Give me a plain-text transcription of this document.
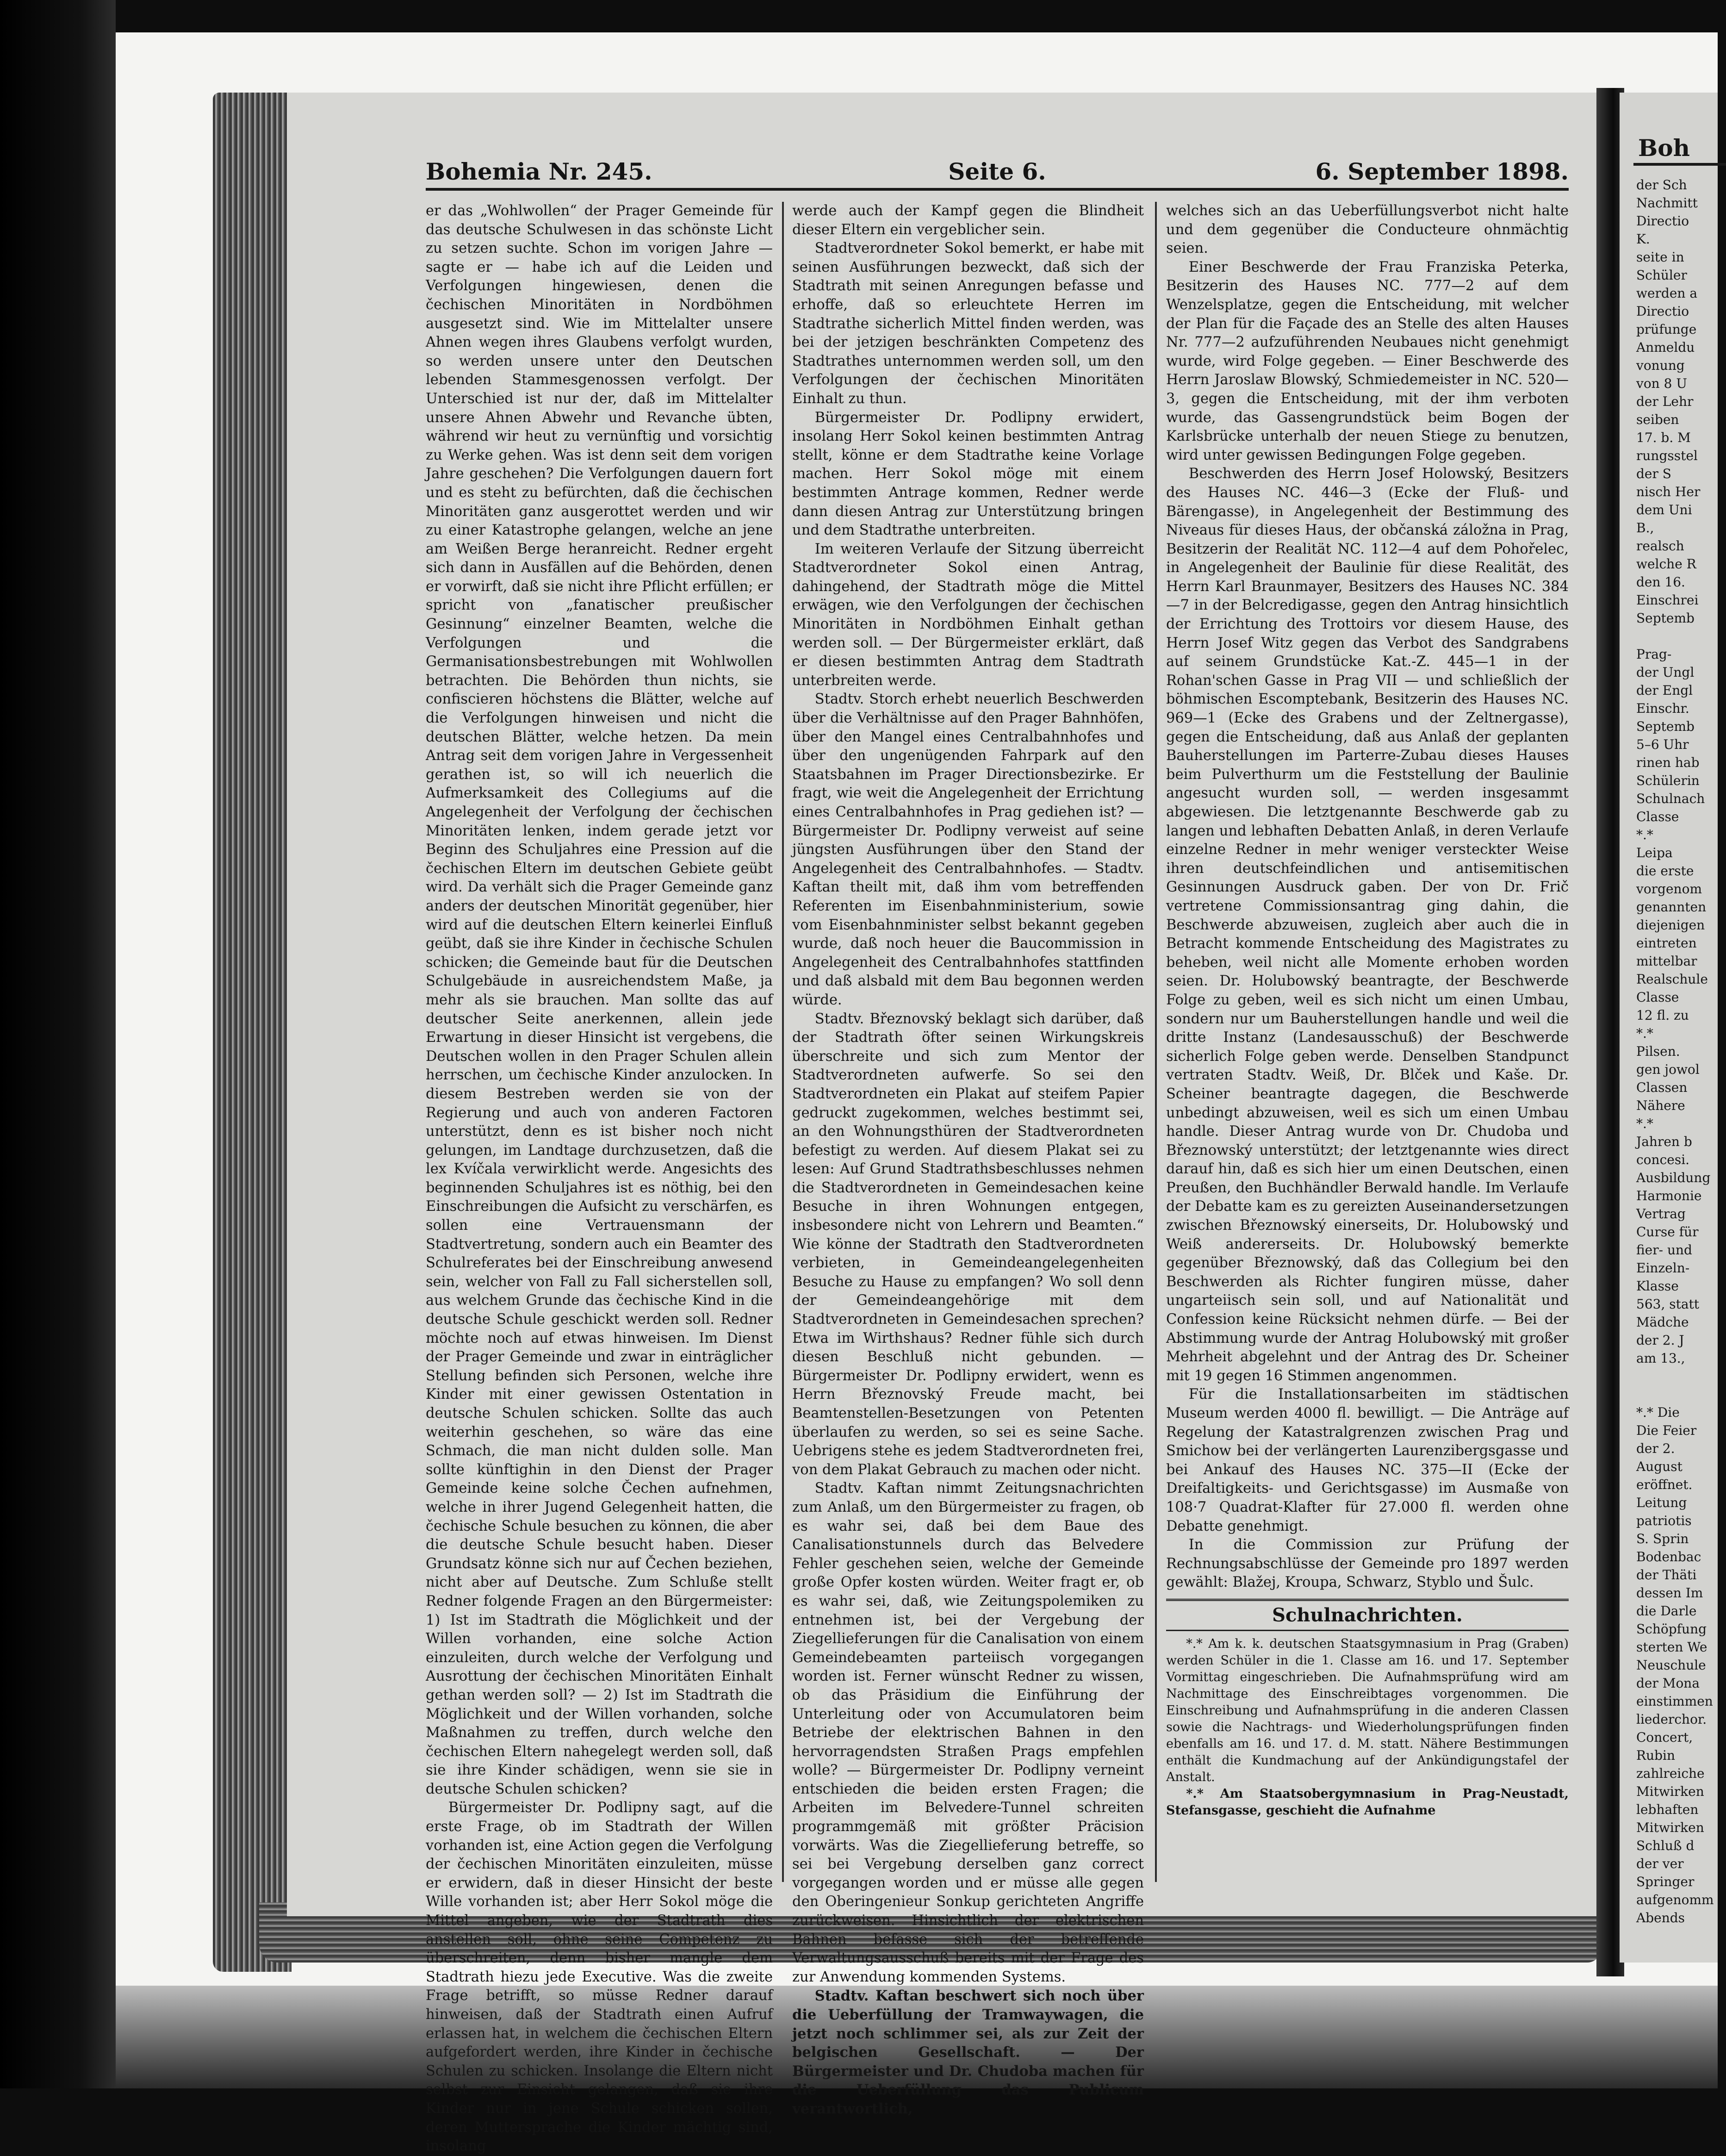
Bohemia Nr. 245.	Seite 6.	6. September 1898.

er das „Wohlwollen“ der Prager Gemeinde für das deutsche Schulwesen in das schönste Licht zu setzen suchte. Schon im vorigen Jahre — sagte er — habe ich auf die Leiden und Verfolgungen hingewiesen, denen die čechischen Minoritäten in Nordböhmen ausgesetzt sind. Wie im Mittelalter unsere Ahnen wegen ihres Glaubens verfolgt wurden, so werden unsere unter den Deutschen lebenden Stammesgenossen verfolgt. Der Unterschied ist nur der, daß im Mittelalter unsere Ahnen Abwehr und Revanche übten, während wir heut zu vernünftig und vorsichtig zu Werke gehen. Was ist denn seit dem vorigen Jahre geschehen? Die Verfolgungen dauern fort und es steht zu befürchten, daß die čechischen Minoritäten ganz ausgerottet werden und wir zu einer Katastrophe gelangen, welche an jene am Weißen Berge heranreicht. Redner ergeht sich dann in Ausfällen auf die Behörden, denen er vorwirft, daß sie nicht ihre Pflicht erfüllen; er spricht von „fanatischer preußischer Gesinnung“ einzelner Beamten, welche die Verfolgungen und die Germanisationsbestrebungen mit Wohlwollen betrachten. Die Behörden thun nichts, sie confiscieren höchstens die Blätter, welche auf die Verfolgungen hinweisen und nicht die deutschen Blätter, welche hetzen. Da mein Antrag seit dem vorigen Jahre in Vergessenheit gerathen ist, so will ich neuerlich die Aufmerksamkeit des Collegiums auf die Angelegenheit der Verfolgung der čechischen Minoritäten lenken, indem gerade jetzt vor Beginn des Schuljahres eine Pression auf die čechischen Eltern im deutschen Gebiete geübt wird. Da verhält sich die Prager Gemeinde ganz anders der deutschen Minorität gegenüber, hier wird auf die deutschen Eltern keinerlei Einfluß geübt, daß sie ihre Kinder in čechische Schulen schicken; die Gemeinde baut für die Deutschen Schulgebäude in ausreichendstem Maße, ja mehr als sie brauchen. Man sollte das auf deutscher Seite anerkennen, allein jede Erwartung in dieser Hinsicht ist vergebens, die Deutschen wollen in den Prager Schulen allein herrschen, um čechische Kinder anzulocken. In diesem Bestreben werden sie von der Regierung und auch von anderen Factoren unterstützt, denn es ist bisher noch nicht gelungen, im Landtage durchzusetzen, daß die lex Kvíčala verwirklicht werde. Angesichts des beginnenden Schuljahres ist es nöthig, bei den Einschreibungen die Aufsicht zu verschärfen, es sollen eine Vertrauensmann der Stadtvertretung, sondern auch ein Beamter des Schulreferates bei der Einschreibung anwesend sein, welcher von Fall zu Fall sicherstellen soll, aus welchem Grunde das čechische Kind in die deutsche Schule geschickt werden soll. Redner möchte noch auf etwas hinweisen. Im Dienst der Prager Gemeinde und zwar in einträglicher Stellung befinden sich Personen, welche ihre Kinder mit einer gewissen Ostentation in deutsche Schulen schicken. Sollte das auch weiterhin geschehen, so wäre das eine Schmach, die man nicht dulden solle. Man sollte künftighin in den Dienst der Prager Gemeinde keine solche Čechen aufnehmen, welche in ihrer Jugend Gelegenheit hatten, die čechische Schule besuchen zu können, die aber die deutsche Schule besucht haben. Dieser Grundsatz könne sich nur auf Čechen beziehen, nicht aber auf Deutsche. Zum Schluße stellt Redner folgende Fragen an den Bürgermeister: 1) Ist im Stadtrath die Möglichkeit und der Willen vorhanden, eine solche Action einzuleiten, durch welche der Verfolgung und Ausrottung der čechischen Minoritäten Einhalt gethan werden soll? — 2) Ist im Stadtrath die Möglichkeit und der Willen vorhanden, solche Maßnahmen zu treffen, durch welche den čechischen Eltern nahegelegt werden soll, daß sie ihre Kinder schädigen, wenn sie sie in deutsche Schulen schicken?

Bürgermeister Dr. Podlipny sagt, auf die erste Frage, ob im Stadtrath der Willen vorhanden ist, eine Action gegen die Verfolgung der čechischen Minoritäten einzuleiten, müsse er erwidern, daß in dieser Hinsicht der beste Wille vorhanden ist; aber Herr Sokol möge die Mittel angeben, wie der Stadtrath dies anstellen soll, ohne seine Competenz zu überschreiten, denn bisher mangle dem Stadtrath hiezu jede Executive. Was die zweite Frage betrifft, so müsse Redner darauf hinweisen, daß der Stadtrath einen Aufruf erlassen hat, in welchem die čechischen Eltern aufgefordert werden, ihre Kinder in čechische Schulen zu schicken. Insolange die Eltern nicht selbst zur Einsicht gelangen, daß sie ihre Kinder nur in jene Schule schicken sollen, deren Muttersprache die Kinder mächtig sind, insolang

werde auch der Kampf gegen die Blindheit dieser Eltern ein vergeblicher sein.

Stadtverordneter Sokol bemerkt, er habe mit seinen Ausführungen bezweckt, daß sich der Stadtrath mit seinen Anregungen befasse und erhoffe, daß so erleuchtete Herren im Stadtrathe sicherlich Mittel finden werden, was bei der jetzigen beschränkten Competenz des Stadtrathes unternommen werden soll, um den Verfolgungen der čechischen Minoritäten Einhalt zu thun.

Bürgermeister Dr. Podlipny erwidert, insolang Herr Sokol keinen bestimmten Antrag stellt, könne er dem Stadtrathe keine Vorlage machen. Herr Sokol möge mit einem bestimmten Antrage kommen, Redner werde dann diesen Antrag zur Unterstützung bringen und dem Stadtrathe unterbreiten.

Im weiteren Verlaufe der Sitzung überreicht Stadtverordneter Sokol einen Antrag, dahingehend, der Stadtrath möge die Mittel erwägen, wie den Verfolgungen der čechischen Minoritäten in Nordböhmen Einhalt gethan werden soll. — Der Bürgermeister erklärt, daß er diesen bestimmten Antrag dem Stadtrath unterbreiten werde.

Stadtv. Storch erhebt neuerlich Beschwerden über die Verhältnisse auf den Prager Bahnhöfen, über den Mangel eines Centralbahnhofes und über den ungenügenden Fahrpark auf den Staatsbahnen im Prager Directionsbezirke. Er fragt, wie weit die Angelegenheit der Errichtung eines Centralbahnhofes in Prag gediehen ist? — Bürgermeister Dr. Podlipny verweist auf seine jüngsten Ausführungen über den Stand der Angelegenheit des Centralbahnhofes. — Stadtv. Kaftan theilt mit, daß ihm vom betreffenden Referenten im Eisenbahnministerium, sowie vom Eisenbahnminister selbst bekannt gegeben wurde, daß noch heuer die Baucommission in Angelegenheit des Centralbahnhofes stattfinden und daß alsbald mit dem Bau begonnen werden würde.

Stadtv. Březnovský beklagt sich darüber, daß der Stadtrath öfter seinen Wirkungskreis überschreite und sich zum Mentor der Stadtverordneten aufwerfe. So sei den Stadtverordneten ein Plakat auf steifem Papier gedruckt zugekommen, welches bestimmt sei, an den Wohnungsthüren der Stadtverordneten befestigt zu werden. Auf diesem Plakat sei zu lesen: Auf Grund Stadtrathsbeschlusses nehmen die Stadtverordneten in Gemeindesachen keine Besuche in ihren Wohnungen entgegen, insbesondere nicht von Lehrern und Beamten.“ Wie könne der Stadtrath den Stadtverordneten verbieten, in Gemeindeangelegenheiten Besuche zu Hause zu empfangen? Wo soll denn der Gemeindeangehörige mit dem Stadtverordneten in Gemeindesachen sprechen? Etwa im Wirthshaus? Redner fühle sich durch diesen Beschluß nicht gebunden. — Bürgermeister Dr. Podlipny erwidert, wenn es Herrn Březnovský Freude macht, bei Beamtenstellen-Besetzungen von Petenten überlaufen zu werden, so sei es seine Sache. Uebrigens stehe es jedem Stadtverordneten frei, von dem Plakat Gebrauch zu machen oder nicht.

Stadtv. Kaftan nimmt Zeitungsnachrichten zum Anlaß, um den Bürgermeister zu fragen, ob es wahr sei, daß bei dem Baue des Canalisationstunnels durch das Belvedere Fehler geschehen seien, welche der Gemeinde große Opfer kosten würden. Weiter fragt er, ob es wahr sei, daß, wie Zeitungspolemiken zu entnehmen ist, bei der Vergebung der Ziegellieferungen für die Canalisation von einem Gemeindebeamten parteiisch vorgegangen worden ist. Ferner wünscht Redner zu wissen, ob das Präsidium die Einführung der Unterleitung oder von Accumulatoren beim Betriebe der elektrischen Bahnen in den hervorragendsten Straßen Prags empfehlen wolle? — Bürgermeister Dr. Podlipny verneint entschieden die beiden ersten Fragen; die Arbeiten im Belvedere-Tunnel schreiten programmgemäß mit größter Präcision vorwärts. Was die Ziegellieferung betreffe, so sei bei Vergebung derselben ganz correct vorgegangen worden und er müsse alle gegen den Oberingenieur Sonkup gerichteten Angriffe zurückweisen. Hinsichtlich der elektrischen Bahnen befasse sich der betreffende Verwaltungsausschuß bereits mit der Frage des zur Anwendung kommenden Systems.

Stadtv. Kaftan beschwert sich noch über die Ueberfüllung der Tramwaywagen, die jetzt noch schlimmer sei, als zur Zeit der belgischen Gesellschaft. — Der Bürgermeister und Dr. Chudoba machen für die Ueberfüllung das Publicum verantwortlich,

welches sich an das Ueberfüllungsverbot nicht halte und dem gegenüber die Conducteure ohnmächtig seien.

Einer Beschwerde der Frau Franziska Peterka, Besitzerin des Hauses NC. 777—2 auf dem Wenzelsplatze, gegen die Entscheidung, mit welcher der Plan für die Façade des an Stelle des alten Hauses Nr. 777—2 aufzuführenden Neubaues nicht genehmigt wurde, wird Folge gegeben. — Einer Beschwerde des Herrn Jaroslaw Blowský, Schmiedemeister in NC. 520—3, gegen die Entscheidung, mit der ihm verboten wurde, das Gassengrundstück beim Bogen der Karlsbrücke unterhalb der neuen Stiege zu benutzen, wird unter gewissen Bedingungen Folge gegeben.

Beschwerden des Herrn Josef Holowský, Besitzers des Hauses NC. 446—3 (Ecke der Fluß- und Bärengasse), in Angelegenheit der Bestimmung des Niveaus für dieses Haus, der občanská záložna in Prag, Besitzerin der Realität NC. 112—4 auf dem Pohořelec, in Angelegenheit der Baulinie für diese Realität, des Herrn Karl Braunmayer, Besitzers des Hauses NC. 384—7 in der Belcredigasse, gegen den Antrag hinsichtlich der Errichtung des Trottoirs vor diesem Hause, des Herrn Josef Witz gegen das Verbot des Sandgrabens auf seinem Grundstücke Kat.-Z. 445—1 in der Rohan'schen Gasse in Prag VII — und schließlich der böhmischen Escomptebank, Besitzerin des Hauses NC. 969—1 (Ecke des Grabens und der Zeltnergasse), gegen die Entscheidung, daß aus Anlaß der geplanten Bauherstellungen im Parterre-Zubau dieses Hauses beim Pulverthurm um die Feststellung der Baulinie angesucht wurden soll, — werden insgesammt abgewiesen. Die letztgenannte Beschwerde gab zu langen und lebhaften Debatten Anlaß, in deren Verlaufe einzelne Redner in mehr weniger versteckter Weise ihren deutschfeindlichen und antisemitischen Gesinnungen Ausdruck gaben. Der von Dr. Frič vertretene Commissionsantrag ging dahin, die Beschwerde abzuweisen, zugleich aber auch die in Betracht kommende Entscheidung des Magistrates zu beheben, weil nicht alle Momente erhoben worden seien. Dr. Holubowský beantragte, der Beschwerde Folge zu geben, weil es sich nicht um einen Umbau, sondern nur um Bauherstellungen handle und weil die dritte Instanz (Landesausschuß) der Beschwerde sicherlich Folge geben werde. Denselben Standpunct vertraten Stadtv. Weiß, Dr. Blček und Kaše. Dr. Scheiner beantragte dagegen, die Beschwerde unbedingt abzuweisen, weil es sich um einen Umbau handle. Dieser Antrag wurde von Dr. Chudoba und Březnowský unterstützt; der letztgenannte wies direct darauf hin, daß es sich hier um einen Deutschen, einen Preußen, den Buchhändler Berwald handle. Im Verlaufe der Debatte kam es zu gereizten Auseinandersetzungen zwischen Březnowský einerseits, Dr. Holubowský und Weiß andererseits. Dr. Holubowský bemerkte gegenüber Březnowský, daß das Collegium bei den Beschwerden als Richter fungiren müsse, daher ungarteiisch sein soll, und auf Nationalität und Confession keine Rücksicht nehmen dürfe. — Bei der Abstimmung wurde der Antrag Holubowský mit großer Mehrheit abgelehnt und der Antrag des Dr. Scheiner mit 19 gegen 16 Stimmen angenommen.

Für die Installationsarbeiten im städtischen Museum werden 4000 fl. bewilligt. — Die Anträge auf Regelung der Katastralgrenzen zwischen Prag und Smichow bei der verlängerten Laurenzibergsgasse und bei Ankauf des Hauses NC. 375—II (Ecke der Dreifaltigkeits- und Gerichtsgasse) im Ausmaße von 108·7 Quadrat-Klafter für 27.000 fl. werden ohne Debatte genehmigt.

In die Commission zur Prüfung der Rechnungsabschlüsse der Gemeinde pro 1897 werden gewählt: Blažej, Kroupa, Schwarz, Styblo und Šulc.

Schulnachrichten.

*.* Am k. k. deutschen Staatsgymnasium in Prag (Graben) werden Schüler in die 1. Classe am 16. und 17. September Vormittag eingeschrieben. Die Aufnahmsprüfung wird am Nachmittage des Einschreibtages vorgenommen. Die Einschreibung und Aufnahmsprüfung in die anderen Classen sowie die Nachtrags- und Wiederholungsprüfungen finden ebenfalls am 16. und 17. d. M. statt. Nähere Bestimmungen enthält die Kundmachung auf der Ankündigungstafel der Anstalt.

*.* Am Staatsobergymnasium in Prag-Neustadt, Stefansgasse, geschieht die Aufnahme

Boh
der Sch
Nachmitt
Directio
K.
seite in
Schüler
werden a
Directio
prüfunge
Anmeldu
vonung
von 8 U
der Lehr
seiben
17. b. M
rungsstel
der S
nisch Her
dem Uni
B.,
realsch
welche R
den 16.
Einschrei
Septemb

Prag-
der Ungl
der Engl
Einschr.
Septemb
5–6 Uhr
rinen hab
Schülerin
Schulnach
Classe
*.*
Leipa
die erste
vorgenom
genannten
diejenigen
eintreten
mittelbar
Realschule
Classe
12 fl. zu
*.*
Pilsen.
gen jowol
Classen
Nähere
*.*
Jahren b
concesi.
Ausbildung
Harmonie
Vertrag
Curse für
fier- und
Einzeln-
Klasse
563, statt
Mädche
der 2. J
am 13.,

*.* Die
Die Feier
der 2.
August
eröffnet.
Leitung
patriotis
S. Sprin
Bodenbac
der Thäti
dessen Im
die Darle
Schöpfung
sterten We
Neuschule
der Mona
einstimmen
liederchor.
Concert,
Rubin
zahlreiche
Mitwirken
lebhaften
Mitwirken
Schluß d
der ver
Springer
aufgenomm
Abends
